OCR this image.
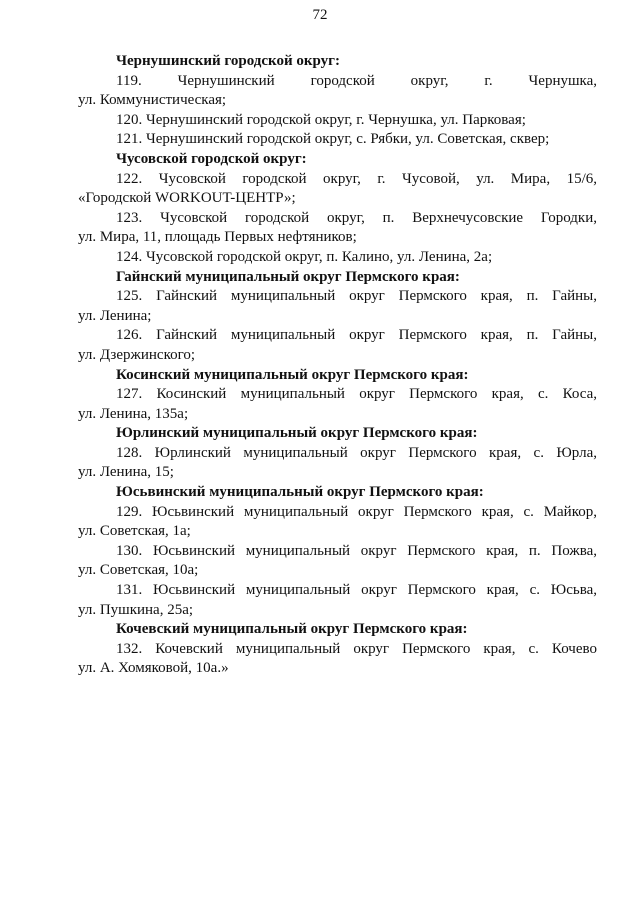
72
Чернушинский городской округ:
119. Чернушинский городской округ, г. Чернушка,
ул. Коммунистическая;
120. Чернушинский городской округ, г. Чернушка, ул. Парковая;
121. Чернушинский городской округ, с. Рябки, ул. Советская, сквер;
Чусовской городской округ:
122. Чусовской городской округ, г. Чусовой, ул. Мира, 15/6,
«Городской WORKOUT-ЦЕНТР»;
123. Чусовской городской округ, п. Верхнечусовские Городки,
ул. Мира, 11, площадь Первых нефтяников;
124. Чусовской городской округ, п. Калино, ул. Ленина, 2а;
Гайнский муниципальный округ Пермского края:
125. Гайнский муниципальный округ Пермского края, п. Гайны,
ул. Ленина;
126. Гайнский муниципальный округ Пермского края, п. Гайны,
ул. Дзержинского;
Косинский муниципальный округ Пермского края:
127. Косинский муниципальный округ Пермского края, с. Коса,
ул. Ленина, 135а;
Юрлинский муниципальный округ Пермского края:
128. Юрлинский муниципальный округ Пермского края, с. Юрла,
ул. Ленина, 15;
Юсьвинский муниципальный округ Пермского края:
129. Юсьвинский муниципальный округ Пермского края, с. Майкор,
ул. Советская, 1а;
130. Юсьвинский муниципальный округ Пермского края, п. Пожва,
ул. Советская, 10а;
131. Юсьвинский муниципальный округ Пермского края, с. Юсьва,
ул. Пушкина, 25а;
Кочевский муниципальный округ Пермского края:
132. Кочевский муниципальный округ Пермского края, с. Кочево
ул. А. Хомяковой, 10а.»
